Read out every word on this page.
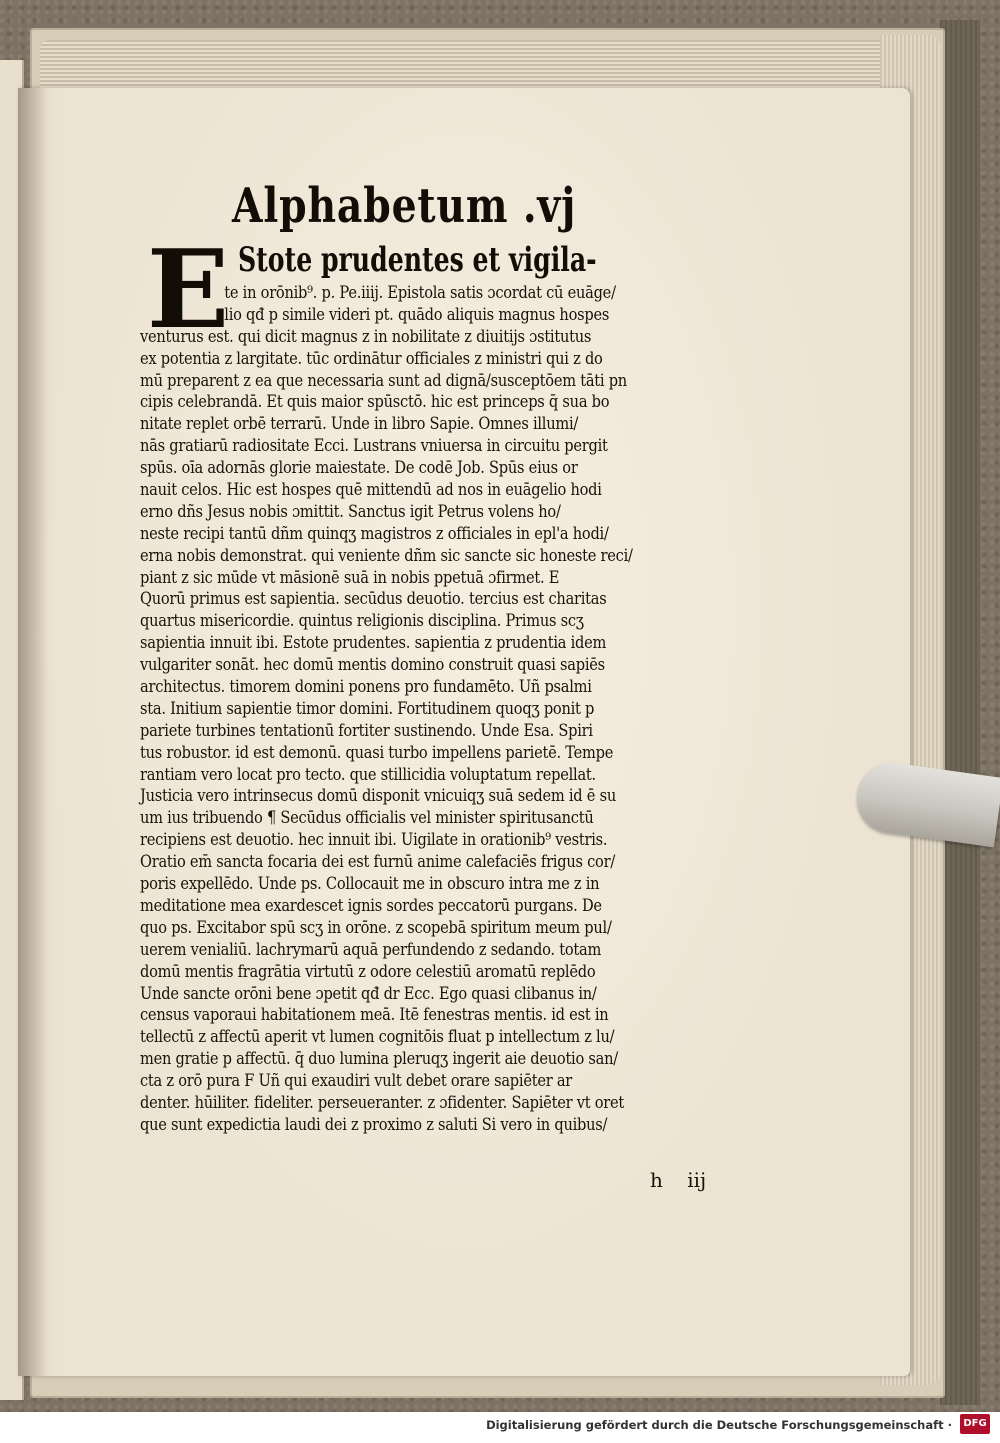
Alphabetum .vj
E Stote prudentes et vigila-
te in orōnib⁹. p. Pe.iiij. Epistola satis ɔcordat cū euāge/
lio qđ p simile videri pt. quādo aliquis magnus hospes
venturus est. qui dicit magnus z in nobilitate z diuitijs ɔstitutus
ex potentia z largitate. tūc ordinātur officiales z ministri qui z do
mū preparent z ea que necessaria sunt ad dignā/susceptōem tāti pn
cipis celebrandā. Et quis maior spūsctō. hic est princeps q̄ sua bo
nitate replet orbē terrarū. Unde in libro Sapie. Omnes illumi/
nās gratiarū radiositate Ecci. Lustrans vniuersa in circuitu pergit
spūs. oīa adornās glorie maiestate. De codē Job. Spūs eius or
nauit celos. Hic est hospes quē mittendū ad nos in euāgelio hodi
erno dñs Jesus nobis ɔmittit. Sanctus igit Petrus volens ho/
neste recipi tantū dñm quinqʒ magistros z officiales in epl'a hodi/
erna nobis demonstrat. qui veniente dñm sic sancte sic honeste reci/
piant z sic mūde vt māsionē suā in nobis ppetuā ɔfirmet. E
Quorū primus est sapientia. secūdus deuotio. tercius est charitas
quartus misericordie. quintus religionis disciplina. Primus scʒ
sapientia innuit ibi. Estote prudentes. sapientia z prudentia idem
vulgariter sonāt. hec domū mentis domino construit quasi sapiēs
architectus. timorem domini ponens pro fundamēto. Uñ psalmi
sta. Initium sapientie timor domini. Fortitudinem quoqʒ ponit p
pariete turbines tentationū fortiter sustinendo. Unde Esa. Spiri
tus robustor. id est demonū. quasi turbo impellens parietē. Tempe
rantiam vero locat pro tecto. que stillicidia voluptatum repellat.
Justicia vero intrinsecus domū disponit vnicuiqʒ suā sedem id ē su
um ius tribuendo ¶ Secūdus officialis vel minister spiritusanctū
recipiens est deuotio. hec innuit ibi. Uigilate in orationib⁹ vestris.
Oratio em̄ sancta focaria dei est furnū anime calefaciēs frigus cor/
poris expellēdo. Unde ps. Collocauit me in obscuro intra me z in
meditatione mea exardescet ignis sordes peccatorū purgans. De
quo ps. Excitabor spū scʒ in orōne. z scopebā spiritum meum pul/
uerem venialiū. lachrymarū aquā perfundendo z sedando. totam
domū mentis fragrātia virtutū z odore celestiū aromatū replēdo
Unde sancte orōni bene ɔpetit qđ dr Ecc. Ego quasi clibanus in/
census vaporaui habitationem meā. Itē fenestras mentis. id est in
tellectū z affectū aperit vt lumen cognitōis fluat p intellectum z lu/
men gratie p affectū. q̄ duo lumina pleruqʒ ingerit aie deuotio san/
cta z orō pura F Uñ qui exaudiri vult debet orare sapiēter ar
denter. hūiliter. fideliter. perseueranter. z ɔfidenter. Sapiēter vt oret
que sunt expedictia laudi dei z proximo z saluti Si vero in quibus/
h iij
Digitalisierung gefördert durch die Deutsche Forschungsgemeinschaft ·	DFG
